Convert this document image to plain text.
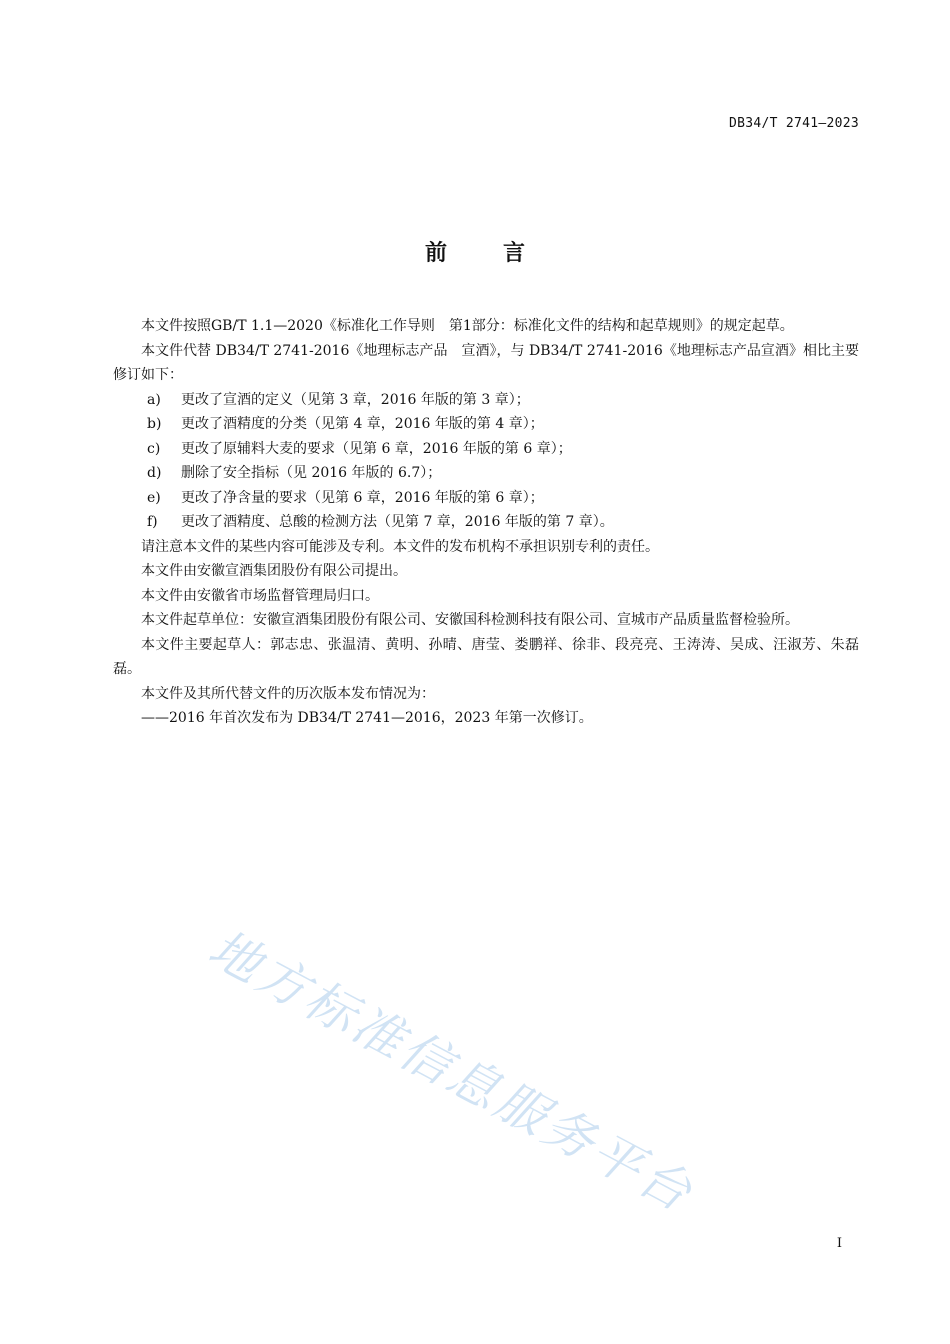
DB34/T 2741—2023
前言

本文件按照GB/T 1.1—2020《标准化工作导则　第1部分：标准化文件的结构和起草规则》的规定起草。

本文件代替 DB34/T 2741-2016《地理标志产品　宣酒》，与 DB34/T 2741-2016《地理标志产品宣酒》相比主要修订如下：

a) 更改了宣酒的定义（见第 3 章，2016 年版的第 3 章）；

b) 更改了酒精度的分类（见第 4 章，2016 年版的第 4 章）；

c) 更改了原辅料大麦的要求（见第 6 章，2016 年版的第 6 章）；

d) 删除了安全指标（见 2016 年版的 6.7）；

e) 更改了净含量的要求（见第 6 章，2016 年版的第 6 章）；

f) 更改了酒精度、总酸的检测方法（见第 7 章，2016 年版的第 7 章）。

请注意本文件的某些内容可能涉及专利。本文件的发布机构不承担识别专利的责任。

本文件由安徽宣酒集团股份有限公司提出。

本文件由安徽省市场监督管理局归口。

本文件起草单位：安徽宣酒集团股份有限公司、安徽国科检测科技有限公司、宣城市产品质量监督检验所。

本文件主要起草人：郭志忠、张温清、黄明、孙晴、唐莹、娄鹏祥、徐非、段亮亮、王涛涛、吴成、汪淑芳、朱磊磊。

本文件及其所代替文件的历次版本发布情况为：

——2016 年首次发布为 DB34/T 2741—2016，2023 年第一次修订。

地方标准信息服务平台
I
